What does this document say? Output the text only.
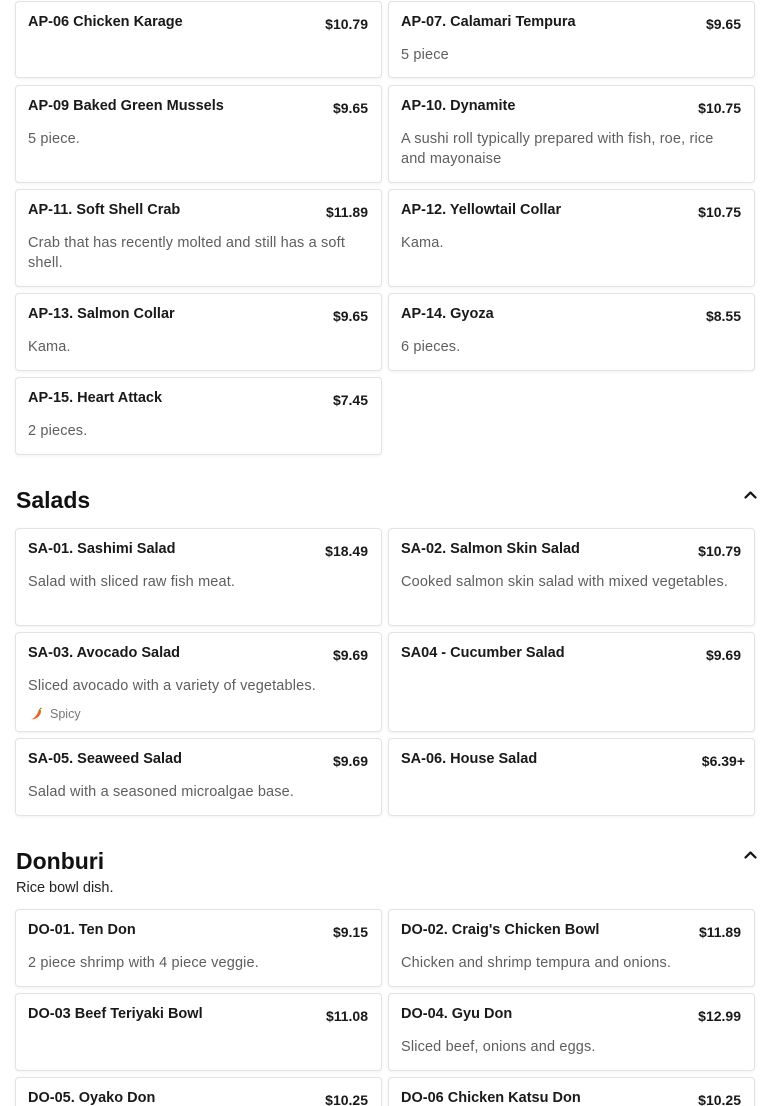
AP-06 Chicken Karage	$10.79 AP-07. Calamari Tempura	$9.65
5 piece
AP-09 Baked Green Mussels	$9.65
5 piece.
AP-10. Dynamite	$10.75
A sushi roll typically prepared with fish, roe, rice and mayonaise
AP-11. Soft Shell Crab	$11.89
Crab that has recently molted and still has a soft shell.
AP-12. Yellowtail Collar	$10.75
Kama.
AP-13. Salmon Collar	$9.65
Kama.
AP-14. Gyoza	$8.55
6 pieces.
AP-15. Heart Attack	$7.45
2 pieces.
Salads
SA-01. Sashimi Salad	$18.49
Salad with sliced raw fish meat.
SA-02. Salmon Skin Salad	$10.79
Cooked salmon skin salad with mixed vegetables.
SA-03. Avocado Salad	$9.69
Sliced avocado with a variety of vegetables.
Spicy
SA04 - Cucumber Salad	$9.69
SA-05. Seaweed Salad	$9.69
Salad with a seasoned microalgae base.
SA-06. House Salad	$6.39+
Donburi
Rice bowl dish.
DO-01. Ten Don	$9.15
2 piece shrimp with 4 piece veggie.
DO-02. Craig's Chicken Bowl	$11.89
Chicken and shrimp tempura and onions.
DO-03 Beef Teriyaki Bowl	$11.08 DO-04. Gyu Don	$12.99
Sliced beef, onions and eggs.
DO-05. Oyako Don	$10.25 DO-06 Chicken Katsu Don	$10.25
